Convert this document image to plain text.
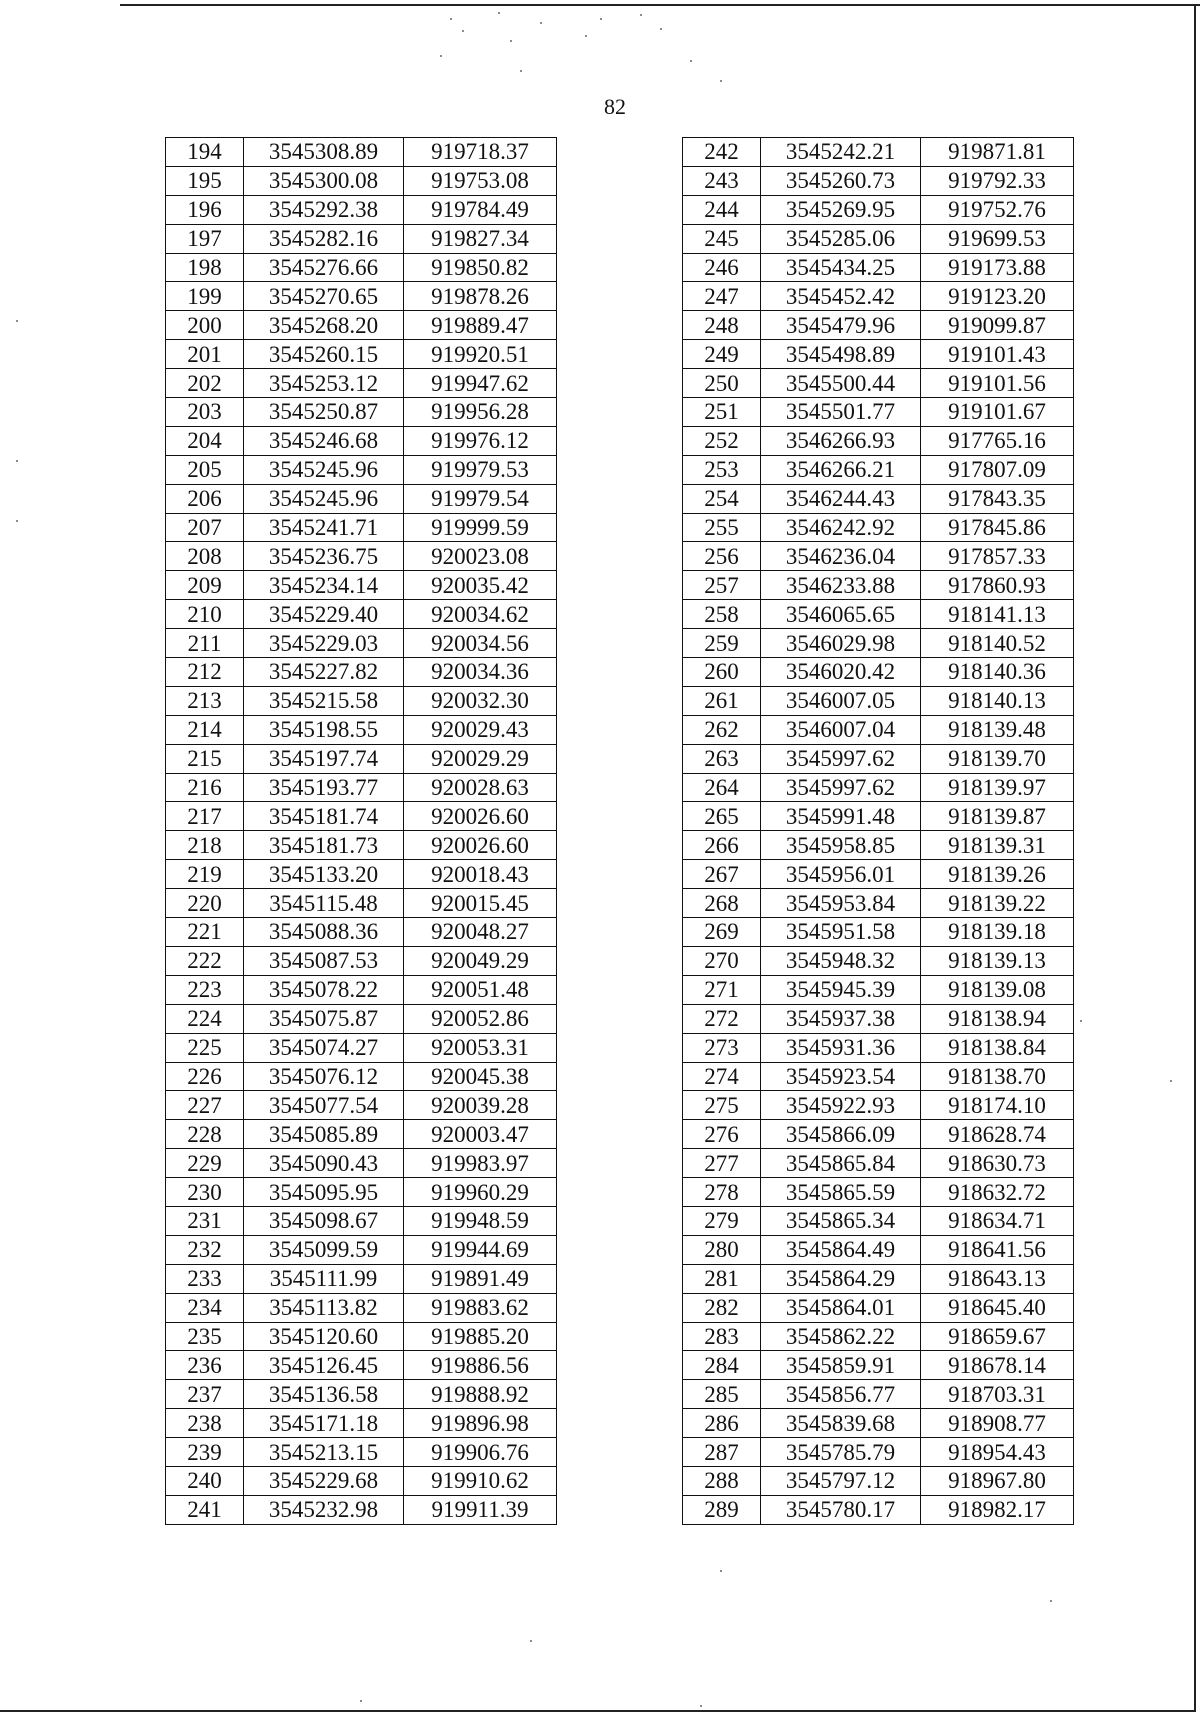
82
194	3545308.89	919718.37
195	3545300.08	919753.08
196	3545292.38	919784.49
197	3545282.16	919827.34
198	3545276.66	919850.82
199	3545270.65	919878.26
200	3545268.20	919889.47
201	3545260.15	919920.51
202	3545253.12	919947.62
203	3545250.87	919956.28
204	3545246.68	919976.12
205	3545245.96	919979.53
206	3545245.96	919979.54
207	3545241.71	919999.59
208	3545236.75	920023.08
209	3545234.14	920035.42
210	3545229.40	920034.62
211	3545229.03	920034.56
212	3545227.82	920034.36
213	3545215.58	920032.30
214	3545198.55	920029.43
215	3545197.74	920029.29
216	3545193.77	920028.63
217	3545181.74	920026.60
218	3545181.73	920026.60
219	3545133.20	920018.43
220	3545115.48	920015.45
221	3545088.36	920048.27
222	3545087.53	920049.29
223	3545078.22	920051.48
224	3545075.87	920052.86
225	3545074.27	920053.31
226	3545076.12	920045.38
227	3545077.54	920039.28
228	3545085.89	920003.47
229	3545090.43	919983.97
230	3545095.95	919960.29
231	3545098.67	919948.59
232	3545099.59	919944.69
233	3545111.99	919891.49
234	3545113.82	919883.62
235	3545120.60	919885.20
236	3545126.45	919886.56
237	3545136.58	919888.92
238	3545171.18	919896.98
239	3545213.15	919906.76
240	3545229.68	919910.62
241	3545232.98	919911.39
242	3545242.21	919871.81
243	3545260.73	919792.33
244	3545269.95	919752.76
245	3545285.06	919699.53
246	3545434.25	919173.88
247	3545452.42	919123.20
248	3545479.96	919099.87
249	3545498.89	919101.43
250	3545500.44	919101.56
251	3545501.77	919101.67
252	3546266.93	917765.16
253	3546266.21	917807.09
254	3546244.43	917843.35
255	3546242.92	917845.86
256	3546236.04	917857.33
257	3546233.88	917860.93
258	3546065.65	918141.13
259	3546029.98	918140.52
260	3546020.42	918140.36
261	3546007.05	918140.13
262	3546007.04	918139.48
263	3545997.62	918139.70
264	3545997.62	918139.97
265	3545991.48	918139.87
266	3545958.85	918139.31
267	3545956.01	918139.26
268	3545953.84	918139.22
269	3545951.58	918139.18
270	3545948.32	918139.13
271	3545945.39	918139.08
272	3545937.38	918138.94
273	3545931.36	918138.84
274	3545923.54	918138.70
275	3545922.93	918174.10
276	3545866.09	918628.74
277	3545865.84	918630.73
278	3545865.59	918632.72
279	3545865.34	918634.71
280	3545864.49	918641.56
281	3545864.29	918643.13
282	3545864.01	918645.40
283	3545862.22	918659.67
284	3545859.91	918678.14
285	3545856.77	918703.31
286	3545839.68	918908.77
287	3545785.79	918954.43
288	3545797.12	918967.80
289	3545780.17	918982.17
